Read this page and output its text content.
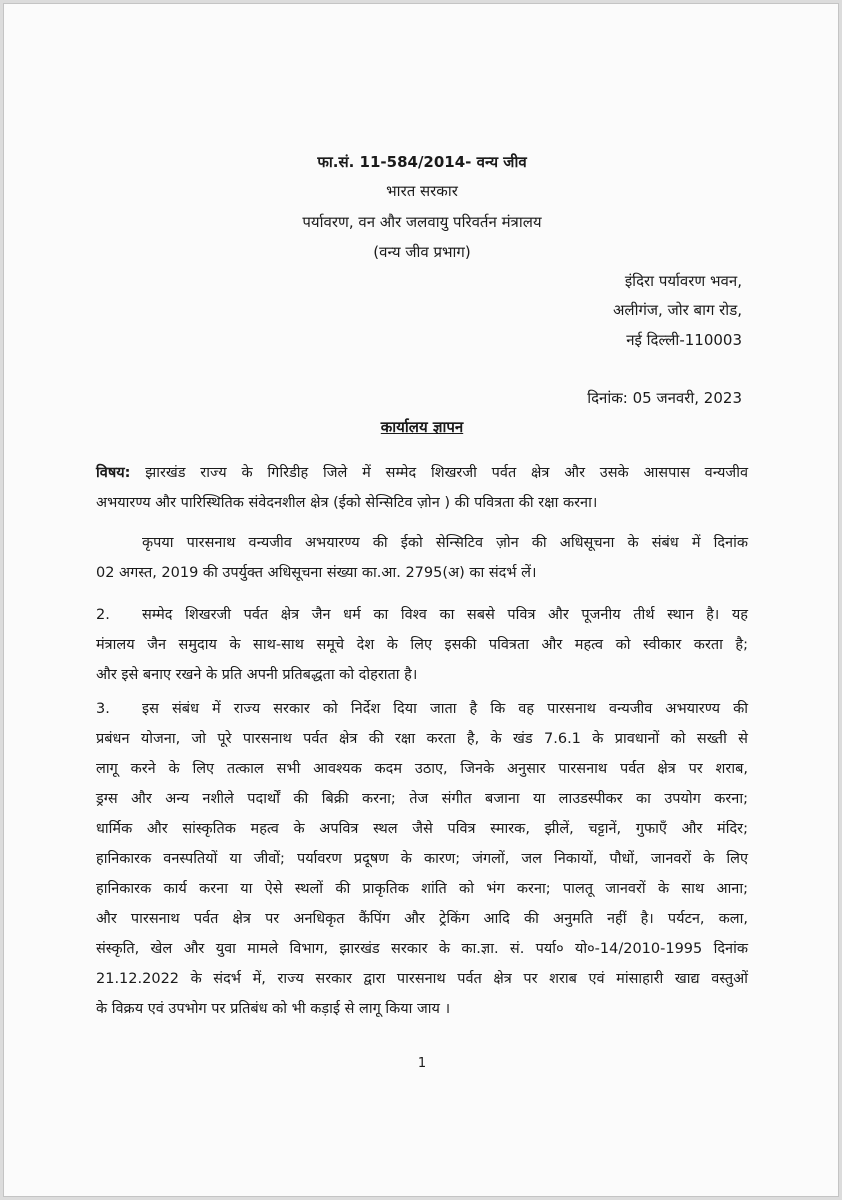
फा.सं. 11-584/2014- वन्य जीव
भारत सरकार
पर्यावरण, वन और जलवायु परिवर्तन मंत्रालय
(वन्य जीव प्रभाग)
इंदिरा पर्यावरण भवन,
अलीगंज, जोर बाग रोड,
नई दिल्ली-110003
दिनांक: 05 जनवरी, 2023
कार्यालय ज्ञापन
विषय: झारखंड राज्य के गिरिडीह जिले में सम्मेद शिखरजी पर्वत क्षेत्र और उसके आसपास वन्यजीव
अभयारण्य और पारिस्थितिक संवेदनशील क्षेत्र (ईको सेन्सिटिव ज़ोन ) की पवित्रता की रक्षा करना।
कृपया पारसनाथ वन्यजीव अभयारण्य की ईको सेन्सिटिव ज़ोन की अधिसूचना के संबंध में दिनांक
02 अगस्त, 2019 की उपर्युक्त अधिसूचना संख्या का.आ. 2795(अ) का संदर्भ लें।
2. सम्मेद शिखरजी पर्वत क्षेत्र जैन धर्म का विश्व का सबसे पवित्र और पूजनीय तीर्थ स्थान है। यह
मंत्रालय जैन समुदाय के साथ-साथ समूचे देश के लिए इसकी पवित्रता और महत्व को स्वीकार करता है;
और इसे बनाए रखने के प्रति अपनी प्रतिबद्धता को दोहराता है।
3. इस संबंध में राज्य सरकार को निर्देश दिया जाता है कि वह पारसनाथ वन्यजीव अभयारण्य की
प्रबंधन योजना, जो पूरे पारसनाथ पर्वत क्षेत्र की रक्षा करता है, के खंड 7.6.1 के प्रावधानों को सख्ती से
लागू करने के लिए तत्काल सभी आवश्यक कदम उठाए, जिनके अनुसार पारसनाथ पर्वत क्षेत्र पर शराब,
ड्रग्स और अन्य नशीले पदार्थों की बिक्री करना; तेज संगीत बजाना या लाउडस्पीकर का उपयोग करना;
धार्मिक और सांस्कृतिक महत्व के अपवित्र स्थल जैसे पवित्र स्मारक, झीलें, चट्टानें, गुफाएँ और मंदिर;
हानिकारक वनस्पतियों या जीवों; पर्यावरण प्रदूषण के कारण; जंगलों, जल निकायों, पौधों, जानवरों के लिए
हानिकारक कार्य करना या ऐसे स्थलों की प्राकृतिक शांति को भंग करना; पालतू जानवरों के साथ आना;
और पारसनाथ पर्वत क्षेत्र पर अनधिकृत कैंपिंग और ट्रेकिंग आदि की अनुमति नहीं है। पर्यटन, कला,
संस्कृति, खेल और युवा मामले विभाग, झारखंड सरकार के का.ज्ञा. सं. पर्या० यो०-14/2010-1995 दिनांक
21.12.2022 के संदर्भ में, राज्य सरकार द्वारा पारसनाथ पर्वत क्षेत्र पर शराब एवं मांसाहारी खाद्य वस्तुओं
के विक्रय एवं उपभोग पर प्रतिबंध को भी कड़ाई से लागू किया जाय ।
1
